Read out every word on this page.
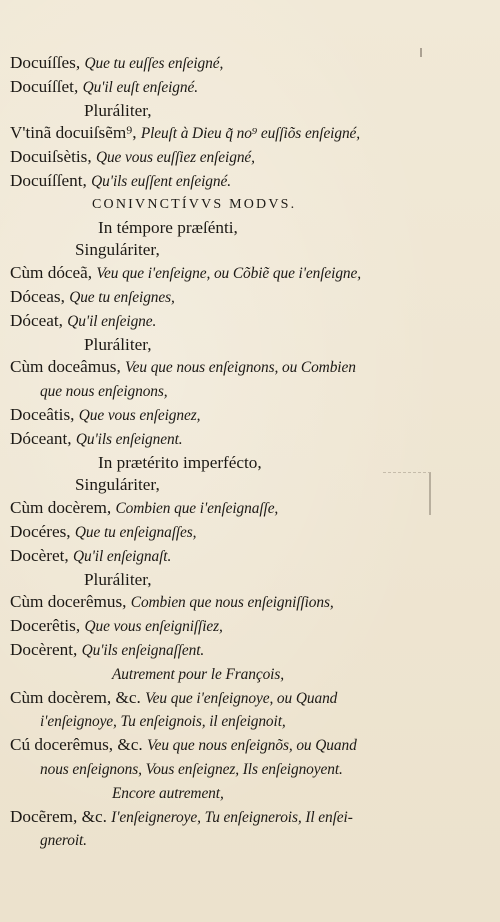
Docuíſſes, Que tu euſſes enſeigné,
Docuíſſet, Qu'il euſt enſeigné.
Pluráliter,
V'tinã docuiſsẽm⁹, Pleuſt à Dieu q̃ no⁹ euſſiõs enſeigné,
Docuiſsètis, Que vous euſſiez enſeigné,
Docuíſſent, Qu'ils euſſent enſeigné.
CONIVNCTÍVVS MODVS.
In témpore præſénti,
Singuláriter,
Cùm dóceã, Veu que i'enſeigne, ou Cõbiẽ que i'enſeigne,
Dóceas, Que tu enſeignes,
Dóceat, Qu'il enſeigne.
Pluráliter,
Cùm doceâmus, Veu que nous enſeignons, ou Combien
que nous enſeignons,
Doceâtis, Que vous enſeignez,
Dóceant, Qu'ils enſeignent.
In prætérito imperfécto,
Singuláriter,
Cùm docèrem, Combien que i'enſeignaſſe,
Docéres, Que tu enſeignaſſes,
Docèret, Qu'il enſeignaſt.
Pluráliter,
Cùm docerêmus, Combien que nous enſeigniſſions,
Docerêtis, Que vous enſeigniſſiez,
Docèrent, Qu'ils enſeignaſſent.
Autrement pour le François,
Cùm docèrem, &c. Veu que i'enſeignoye, ou Quand
i'enſeignoye, Tu enſeignois, il enſeignoit,
Cú docerêmus, &c. Veu que nous enſeignõs, ou Quand
nous enſeignons, Vous enſeignez, Ils enſeignoyent.
Encore autrement,
Docẽrem, &c. I'enſeigneroye, Tu enſeignerois, Il enſei-
gneroit.
